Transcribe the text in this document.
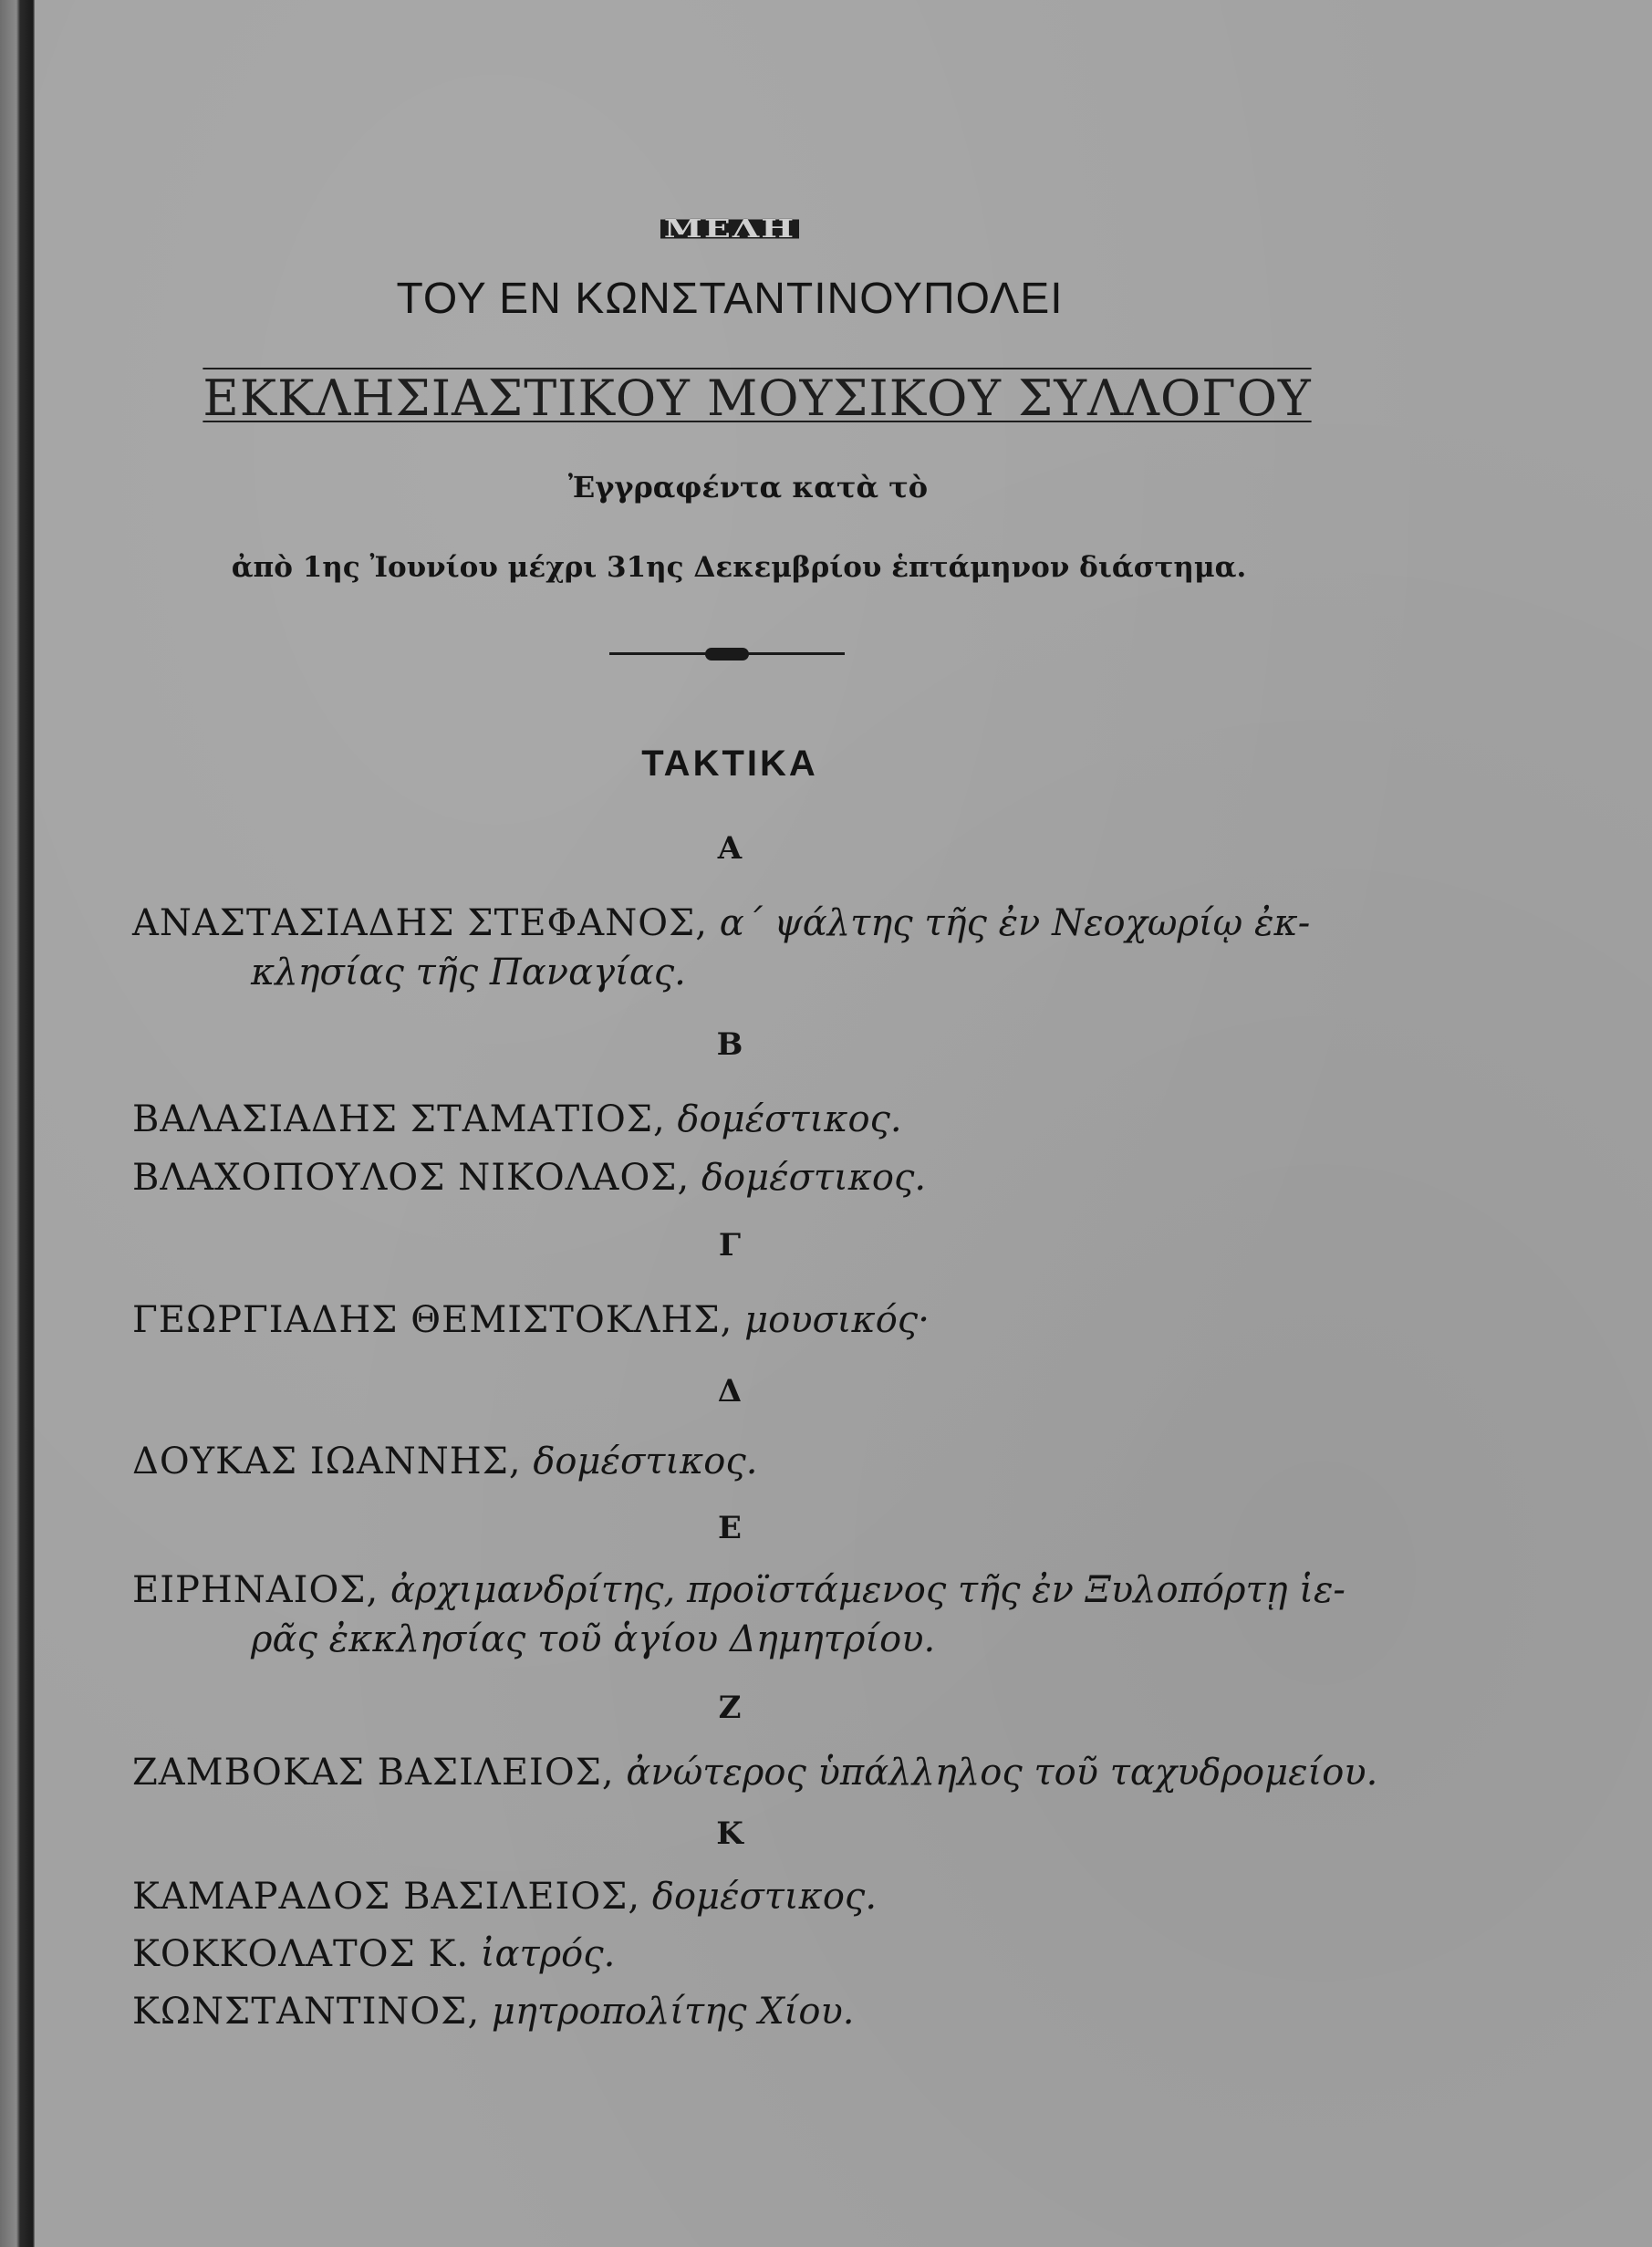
ΜΕΛΗ
ΤΟΥ ΕΝ ΚΩΝΣΤΑΝΤΙΝΟΥΠΟΛΕΙ
ΕΚΚΛΗΣΙΑΣΤΙΚΟΥ ΜΟΥΣΙΚΟΥ ΣΥΛΛΟΓΟΥ
Ἐγγραφέντα κατὰ τὸ
ἀπὸ 1ης Ἰουνίου μέχρι 31ης Δεκεμβρίου ἑπτάμηνον διάστημα.
ΤΑΚΤΙΚΑ
Α
ΑΝΑΣΤΑΣΙΑΔΗΣ ΣΤΕΦΑΝΟΣ, α΄ ψάλτης τῆς ἐν Νεοχωρίῳ ἐκ-
κλησίας τῆς Παναγίας.
Β
ΒΑΛΑΣΙΑΔΗΣ ΣΤΑΜΑΤΙΟΣ, δομέστικος.
ΒΛΑΧΟΠΟΥΛΟΣ ΝΙΚΟΛΑΟΣ, δομέστικος.
Γ
ΓΕΩΡΓΙΑΔΗΣ ΘΕΜΙΣΤΟΚΛΗΣ, μουσικός·
Δ
ΔΟΥΚΑΣ ΙΩΑΝΝΗΣ, δομέστικος.
Ε
ΕΙΡΗΝΑΙΟΣ, ἀρχιμανδρίτης, προϊστάμενος τῆς ἐν Ξυλοπόρτῃ ἱε-
ρᾶς ἐκκλησίας τοῦ ἁγίου Δημητρίου.
Ζ
ΖΑΜΒΟΚΑΣ ΒΑΣΙΛΕΙΟΣ, ἀνώτερος ὑπάλληλος τοῦ ταχυδρομείου.
Κ
ΚΑΜΑΡΑΔΟΣ ΒΑΣΙΛΕΙΟΣ, δομέστικος.
ΚΟΚΚΟΛΑΤΟΣ Κ. ἰατρός.
ΚΩΝΣΤΑΝΤΙΝΟΣ, μητροπολίτης Χίου.
